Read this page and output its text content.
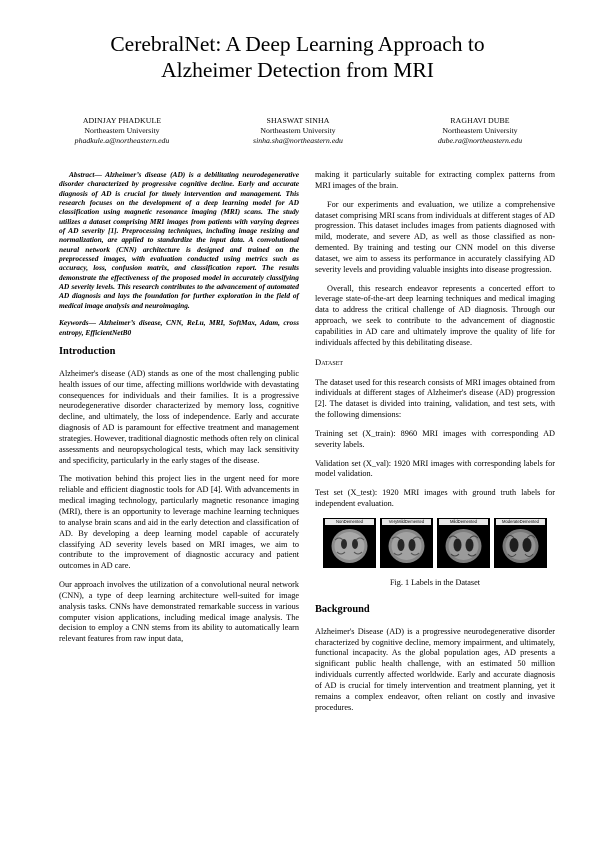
CerebralNet: A Deep Learning Approach to
Alzheimer Detection from MRI
ADINJAY PHADKULE
Northeastern University
phadkule.a@northeastern.edu
SHASWAT SINHA
Northeastern University
sinha.sha@northeastern.edu
RAGHAVI DUBE
Northeastern University
dube.ra@northeastern.edu

Abstract— Alzheimer’s disease (AD) is a debilitating neurodegenerative disorder characterized by progressive cognitive decline. Early and accurate diagnosis of AD is crucial for timely intervention and management. This research focuses on the development of a deep learning model for AD classification using magnetic resonance imaging (MRI) scans. The study utilizes a dataset comprising MRI images from patients with varying degrees of AD severity [1]. Preprocessing techniques, including image resizing and normalization, are applied to standardize the input data. A convolutional neural network (CNN) architecture is designed and trained on the preprocessed images, with evaluation conducted using metrics such as accuracy, loss, confusion matrix, and classification report. The results demonstrate the effectiveness of the proposed model in accurately classifying AD severity levels. This research contributes to the advancement of automated AD diagnosis and lays the foundation for further exploration in the field of medical image analysis and neuroimaging.

Keywords— Alzheimer’s disease, CNN, ReLu, MRI, SoftMax, Adam, cross entropy, EfficientNetB0

Introduction

Alzheimer's disease (AD) stands as one of the most challenging public health issues of our time, affecting millions worldwide with devastating consequences for individuals and their families. It is a progressive neurodegenerative disorder characterized by memory loss, cognitive decline, and ultimately, the loss of independence. Early and accurate diagnosis of AD is paramount for effective treatment and management strategies. However, traditional diagnostic methods often rely on clinical assessments and neuropsychological tests, which may lack sensitivity and specificity, particularly in the early stages of the disease.

The motivation behind this project lies in the urgent need for more reliable and efficient diagnostic tools for AD [4]. With advancements in medical imaging technology, particularly magnetic resonance imaging (MRI), there is an opportunity to leverage machine learning techniques to analyse brain scans and aid in the early detection and classification of AD. By developing a deep learning model capable of accurately classifying AD severity levels based on MRI images, we aim to contribute to the improvement of diagnostic accuracy and patient outcomes in AD care.

Our approach involves the utilization of a convolutional neural network (CNN), a type of deep learning architecture well-suited for image analysis tasks. CNNs have demonstrated remarkable success in various computer vision applications, including medical image analysis. The decision to employ a CNN stems from its ability to automatically learn relevant features from raw input data,

making it particularly suitable for extracting complex patterns from MRI images of the brain.

For our experiments and evaluation, we utilize a comprehensive dataset comprising MRI scans from individuals at different stages of AD progression. This dataset includes images from patients diagnosed with mild, moderate, and severe AD, as well as those classified as non-demented. By training and testing our CNN model on this diverse dataset, we aim to assess its performance in accurately classifying AD severity levels and providing valuable insights into disease progression.

Overall, this research endeavor represents a concerted effort to leverage state-of-the-art deep learning techniques and medical imaging data to address the critical challenge of AD diagnosis. Through our approach, we seek to contribute to the advancement of diagnostic capabilities in AD care and ultimately improve the quality of life for individuals affected by this debilitating disease.

Dataset

The dataset used for this research consists of MRI images obtained from individuals at different stages of Alzheimer's disease (AD) progression [2]. The dataset is divided into training, validation, and test sets, with the following dimensions:

Training set (X_train): 8960 MRI images with corresponding AD severity labels.

Validation set (X_val): 1920 MRI images with corresponding labels for model validation.

Test set (X_test): 1920 MRI images with ground truth labels for independent evaluation.

NonDemented	VeryMildDemented	MildDemented	ModerateDemented
Fig. 1 Labels in the Dataset
Background

Alzheimer's Disease (AD) is a progressive neurodegenerative disorder characterized by cognitive decline, memory impairment, and ultimately, functional incapacity. As the global population ages, AD presents a significant public health challenge, with an estimated 50 million individuals currently affected worldwide. Early and accurate diagnosis of AD is crucial for timely intervention and treatment planning, yet it remains a complex endeavor, often reliant on costly and invasive procedures.
